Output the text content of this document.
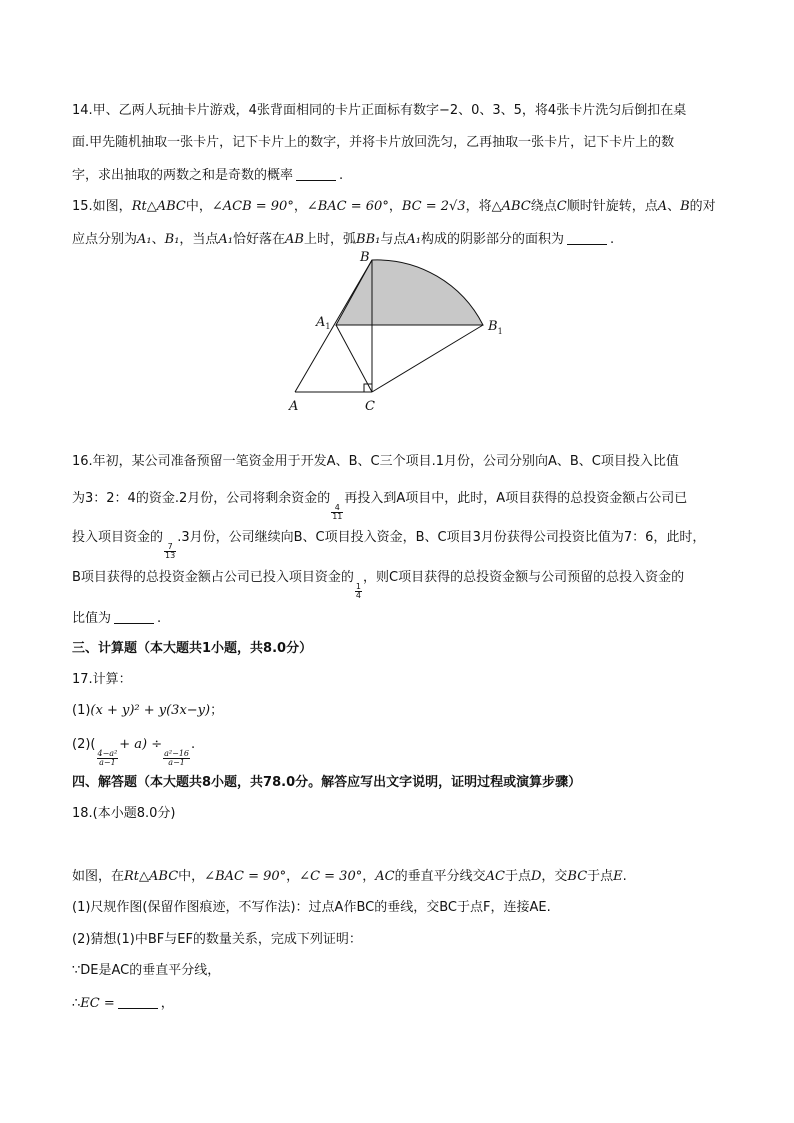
14.甲、乙两人玩抽卡片游戏，4张背面相同的卡片正面标有数字−2、0、3、5，将4张卡片洗匀后倒扣在桌
面.甲先随机抽取一张卡片，记下卡片上的数字，并将卡片放回洗匀，乙再抽取一张卡片，记下卡片上的数
字，求出抽取的两数之和是奇数的概率	.
15.如图，Rt△ABC中，∠ACB = 90°，∠BAC = 60°，BC = 2√3，将△ABC绕点C顺时针旋转，点A、B的对
应点分别为A₁、B₁，当点A₁恰好落在AB上时，弧BB₁与点A₁构成的阴影部分的面积为	.
B
$A_1$	$B_1$
A	C
16.年初，某公司准备预留一笔资金用于开发A、B、C三个项目.1月份，公司分别向A、B、C项目投入比值
为3：2：4的资金.2月份，公司将剩余资金的
$\frac{4}{11}$
再投入到A项目中，此时，A项目获得的总投资金额占公司已
投入项目资金的
$\frac{7}{13}$
.3月份，公司继续向B、C项目投入资金，B、C项目3月份获得公司投资比值为7：6，此时，
B项目获得的总投资金额占公司已投入项目资金的
$\frac{1}{4}$
，则C项目获得的总投资金额与公司预留的总投入资金的
比值为	.
三、计算题（本大题共1小题，共8.0分）
17.计算：
(1)(x + y)² + y(3x−y)；
(2)(
$\frac{\text{4−a²}}{a-1}$
+ a) ÷
$\frac{\text{a²−16}}{a-1}$
.
四、解答题（本大题共8小题，共78.0分。解答应写出文字说明，证明过程或演算步骤）
18.(本小题8.0分)
如图，在Rt△ABC中，∠BAC = 90°，∠C = 30°，AC的垂直平分线交AC于点D，交BC于点E.
(1)尺规作图(保留作图痕迹，不写作法)：过点A作BC的垂线，交BC于点F，连接AE.
(2)猜想(1)中BF与EF的数量关系，完成下列证明：
∵DE是AC的垂直平分线，
∴EC =	，
